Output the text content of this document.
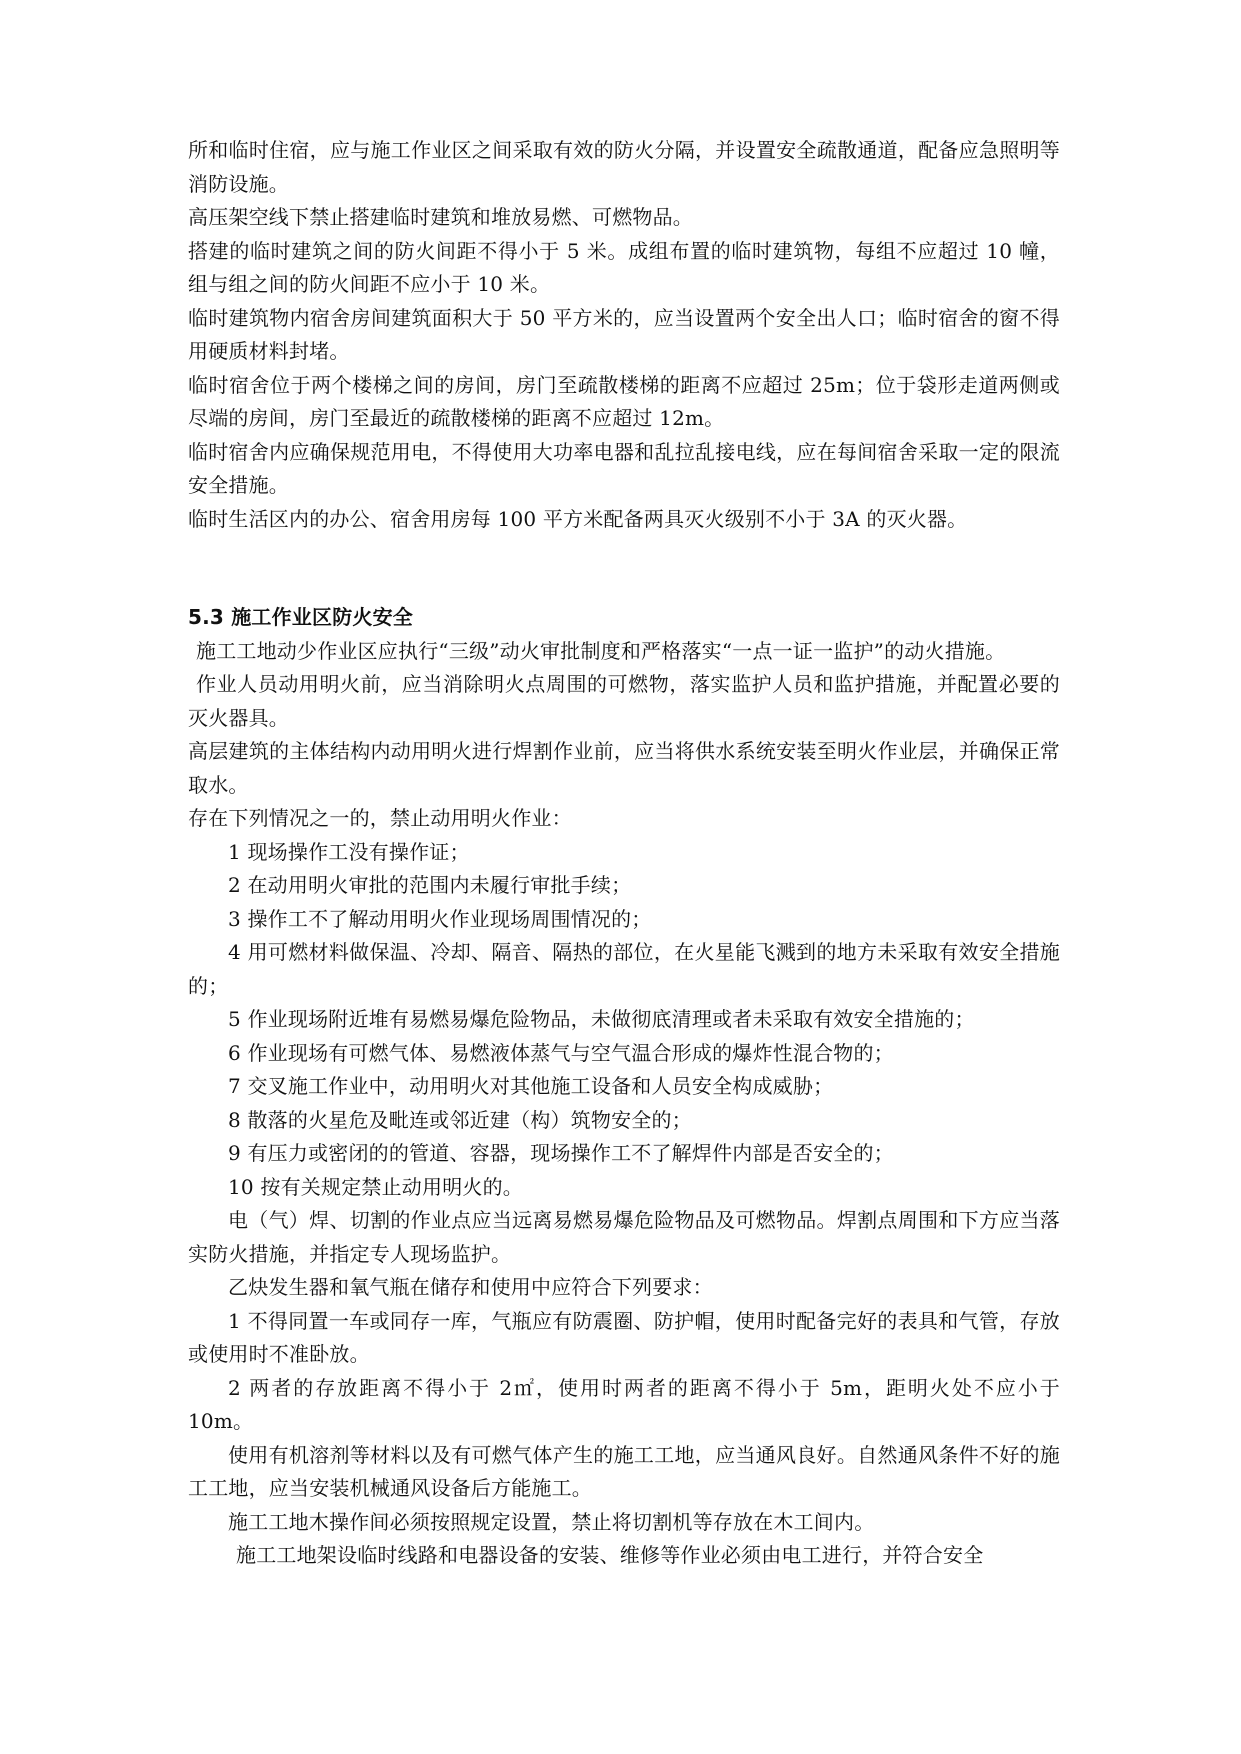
所和临时住宿，应与施工作业区之间采取有效的防火分隔，并设置安全疏散通道，配备应急照明等消防设施。

高压架空线下禁止搭建临时建筑和堆放易燃、可燃物品。

搭建的临时建筑之间的防火间距不得小于 5 米。成组布置的临时建筑物，每组不应超过 10 幢，组与组之间的防火间距不应小于 10 米。

临时建筑物内宿舍房间建筑面积大于 50 平方米的，应当设置两个安全出人口；临时宿舍的窗不得用硬质材料封堵。

临时宿舍位于两个楼梯之间的房间，房门至疏散楼梯的距离不应超过 25m；位于袋形走道两侧或尽端的房间，房门至最近的疏散楼梯的距离不应超过 12m。

临时宿舍内应确保规范用电，不得使用大功率电器和乱拉乱接电线，应在每间宿舍采取一定的限流安全措施。

临时生活区内的办公、宿舍用房每 100 平方米配备两具灭火级别不小于 3A 的灭火器。

5.3 施工作业区防火安全

施工工地动少作业区应执行“三级”动火审批制度和严格落实“一点一证一监护”的动火措施。

作业人员动用明火前，应当消除明火点周围的可燃物，落实监护人员和监护措施，并配置必要的灭火器具。

高层建筑的主体结构内动用明火进行焊割作业前，应当将供水系统安装至明火作业层，并确保正常取水。

存在下列情况之一的，禁止动用明火作业：

1 现场操作工没有操作证；

2 在动用明火审批的范围内未履行审批手续；

3 操作工不了解动用明火作业现场周围情况的；

4 用可燃材料做保温、冷却、隔音、隔热的部位，在火星能飞溅到的地方未采取有效安全措施的；

5 作业现场附近堆有易燃易爆危险物品，未做彻底清理或者未采取有效安全措施的；

6 作业现场有可燃气体、易燃液体蒸气与空气温合形成的爆炸性混合物的；

7 交叉施工作业中，动用明火对其他施工设备和人员安全构成威胁；

8 散落的火星危及毗连或邻近建（构）筑物安全的；

9 有压力或密闭的的管道、容器，现场操作工不了解焊件内部是否安全的；

10 按有关规定禁止动用明火的。

电（气）焊、切割的作业点应当远离易燃易爆危险物品及可燃物品。焊割点周围和下方应当落实防火措施，并指定专人现场监护。

乙炔发生器和氧气瓶在储存和使用中应符合下列要求：

1 不得同置一车或同存一库，气瓶应有防震圈、防护帽，使用时配备完好的表具和气管，存放或使用时不准卧放。

2 两者的存放距离不得小于 2㎡，使用时两者的距离不得小于 5m，距明火处不应小于 10m。

使用有机溶剂等材料以及有可燃气体产生的施工工地，应当通风良好。自然通风条件不好的施工工地，应当安装机械通风设备后方能施工。

施工工地木操作间必须按照规定设置，禁止将切割机等存放在木工间内。

施工工地架设临时线路和电器设备的安装、维修等作业必须由电工进行，并符合安全
